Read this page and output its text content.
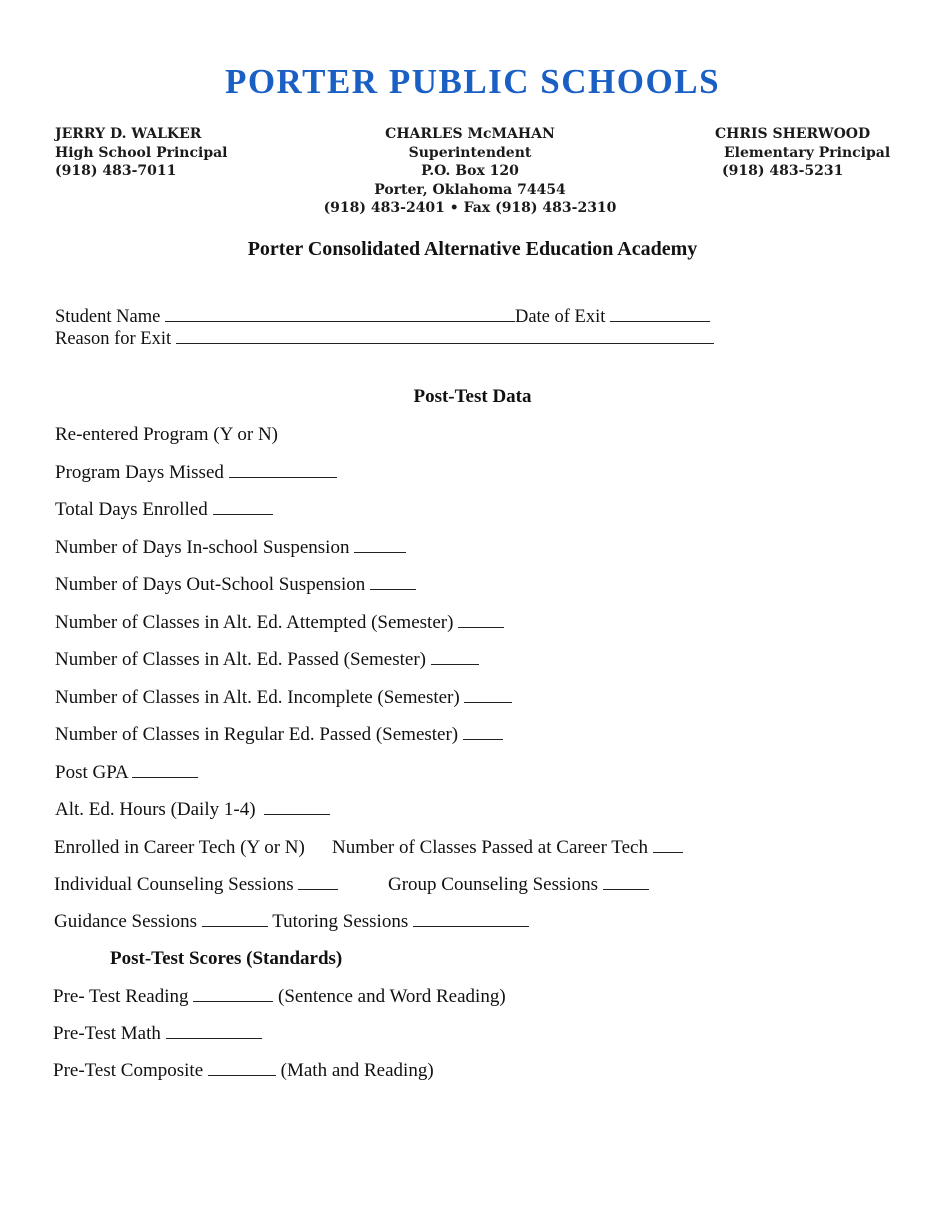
PORTER PUBLIC SCHOOLS
JERRY D. WALKER
High School Principal
(918) 483-7011
CHARLES McMAHAN
Superintendent
P.O. Box 120
Porter, Oklahoma 74454
(918) 483-2401 • Fax (918) 483-2310
CHRIS SHERWOOD
Elementary Principal
(918) 483-5231
Porter Consolidated Alternative Education Academy
Student Name	Date of Exit
Reason for Exit
Post-Test Data
Re-entered Program (Y or N)
Program Days Missed
Total Days Enrolled
Number of Days In-school Suspension
Number of Days Out-School Suspension
Number of Classes in Alt. Ed. Attempted (Semester)
Number of Classes in Alt. Ed. Passed (Semester)
Number of Classes in Alt. Ed. Incomplete (Semester)
Number of Classes in Regular Ed. Passed (Semester)
Post GPA
Alt. Ed. Hours (Daily 1-4)
Enrolled in Career Tech (Y or N) Number of Classes Passed at Career Tech
Individual Counseling Sessions	Group Counseling Sessions
Guidance Sessions	Tutoring Sessions
Post-Test Scores (Standards)
Pre- Test Reading	(Sentence and Word Reading)
Pre-Test Math
Pre-Test Composite	(Math and Reading)
